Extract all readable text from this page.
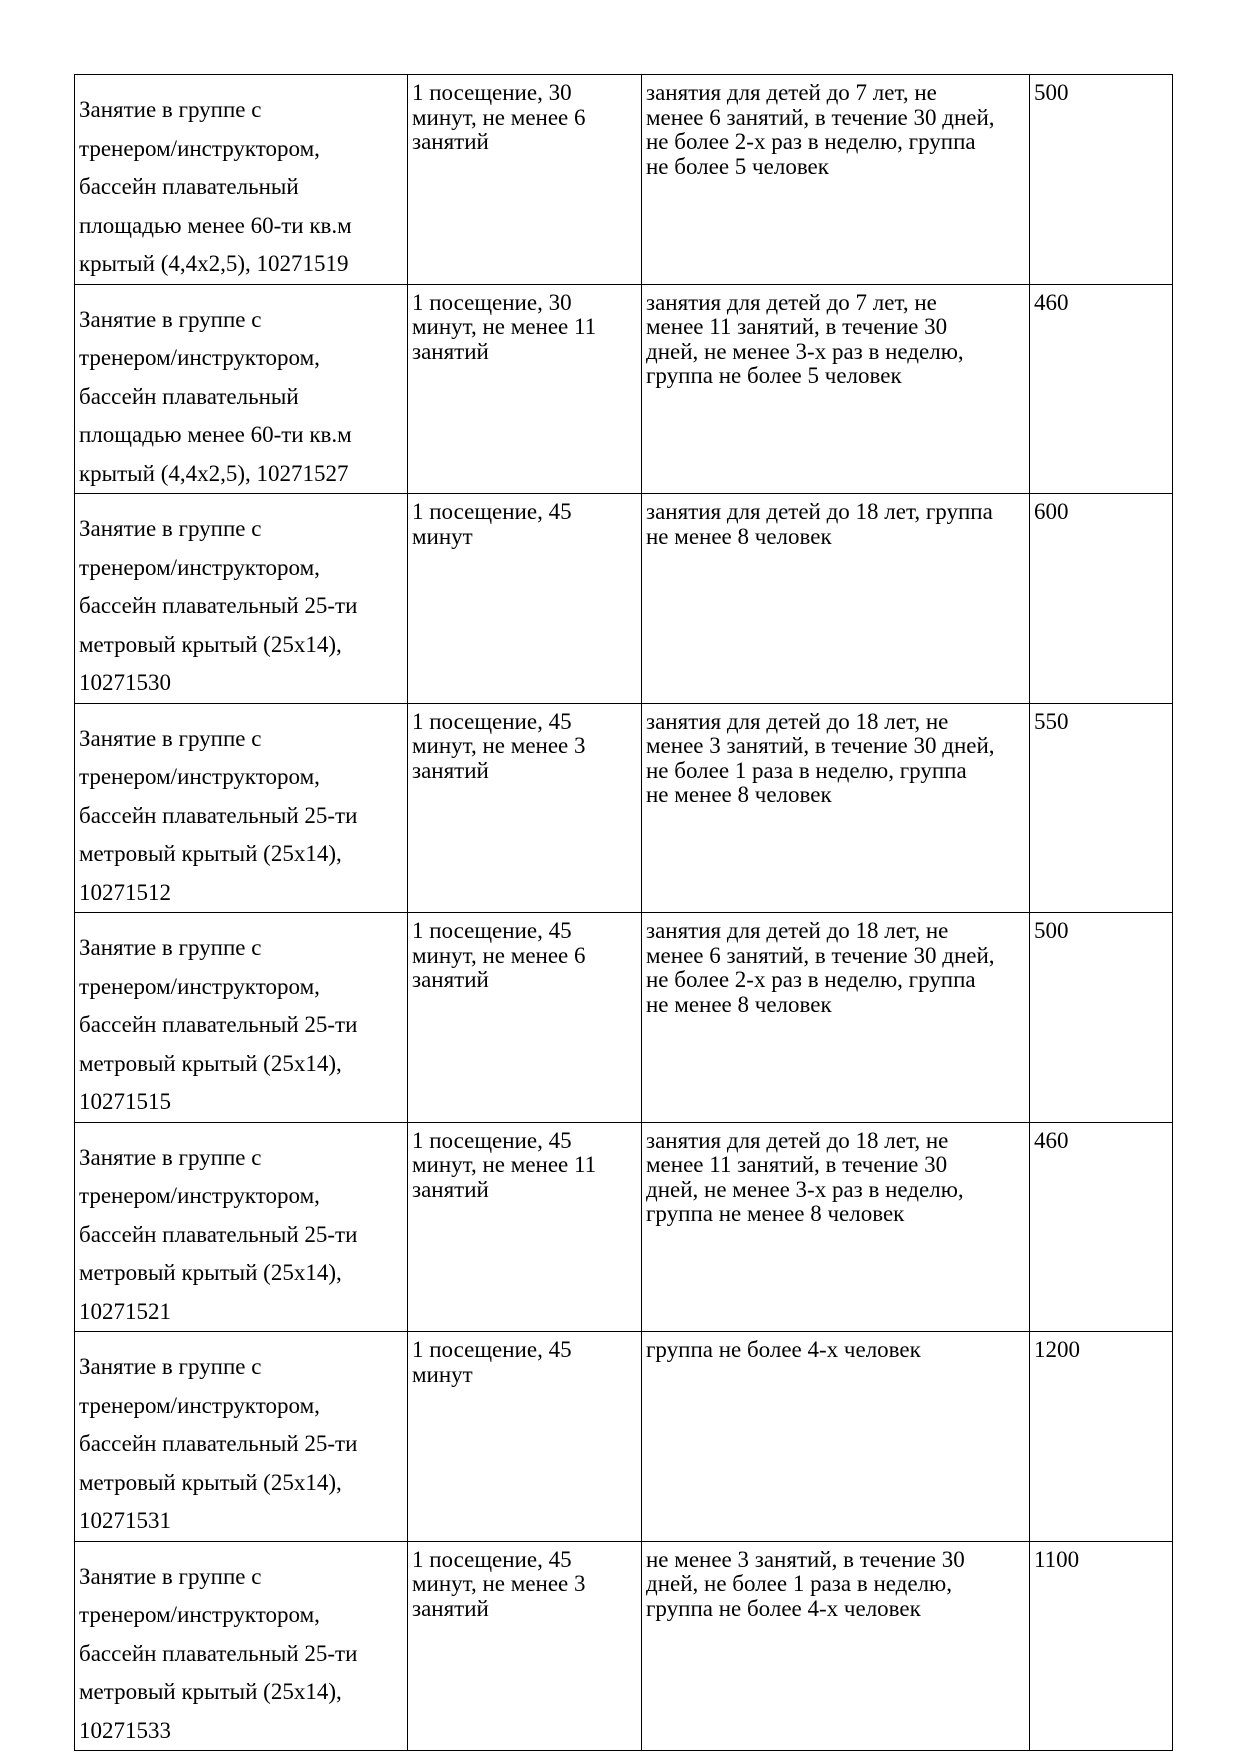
Занятие в группе с
тренером/инструктором,
бассейн плавательный
площадью менее 60-ти кв.м
крытый (4,4х2,5), 10271519	1 посещение, 30
минут, не менее 6
занятий	занятия для детей до 7 лет, не
менее 6 занятий, в течение 30 дней,
не более 2-х раз в неделю, группа
не более 5 человек	500

Занятие в группе с
тренером/инструктором,
бассейн плавательный
площадью менее 60-ти кв.м
крытый (4,4х2,5), 10271527	1 посещение, 30
минут, не менее 11
занятий	занятия для детей до 7 лет, не
менее 11 занятий, в течение 30
дней, не менее 3-х раз в неделю,
группа не более 5 человек	460

Занятие в группе с
тренером/инструктором,
бассейн плавательный 25-ти
метровый крытый (25х14),
10271530	1 посещение, 45
минут	занятия для детей до 18 лет, группа
не менее 8 человек	600

Занятие в группе с
тренером/инструктором,
бассейн плавательный 25-ти
метровый крытый (25х14),
10271512	1 посещение, 45
минут, не менее 3
занятий	занятия для детей до 18 лет, не
менее 3 занятий, в течение 30 дней,
не более 1 раза в неделю, группа
не менее 8 человек	550

Занятие в группе с
тренером/инструктором,
бассейн плавательный 25-ти
метровый крытый (25х14),
10271515	1 посещение, 45
минут, не менее 6
занятий	занятия для детей до 18 лет, не
менее 6 занятий, в течение 30 дней,
не более 2-х раз в неделю, группа
не менее 8 человек	500

Занятие в группе с
тренером/инструктором,
бассейн плавательный 25-ти
метровый крытый (25х14),
10271521	1 посещение, 45
минут, не менее 11
занятий	занятия для детей до 18 лет, не
менее 11 занятий, в течение 30
дней, не менее 3-х раз в неделю,
группа не менее 8 человек	460

Занятие в группе с
тренером/инструктором,
бассейн плавательный 25-ти
метровый крытый (25х14),
10271531	1 посещение, 45
минут	группа не более 4-х человек	1200

Занятие в группе с
тренером/инструктором,
бассейн плавательный 25-ти
метровый крытый (25х14),
10271533	1 посещение, 45
минут, не менее 3
занятий	не менее 3 занятий, в течение 30
дней, не более 1 раза в неделю,
группа не более 4-х человек	1100
